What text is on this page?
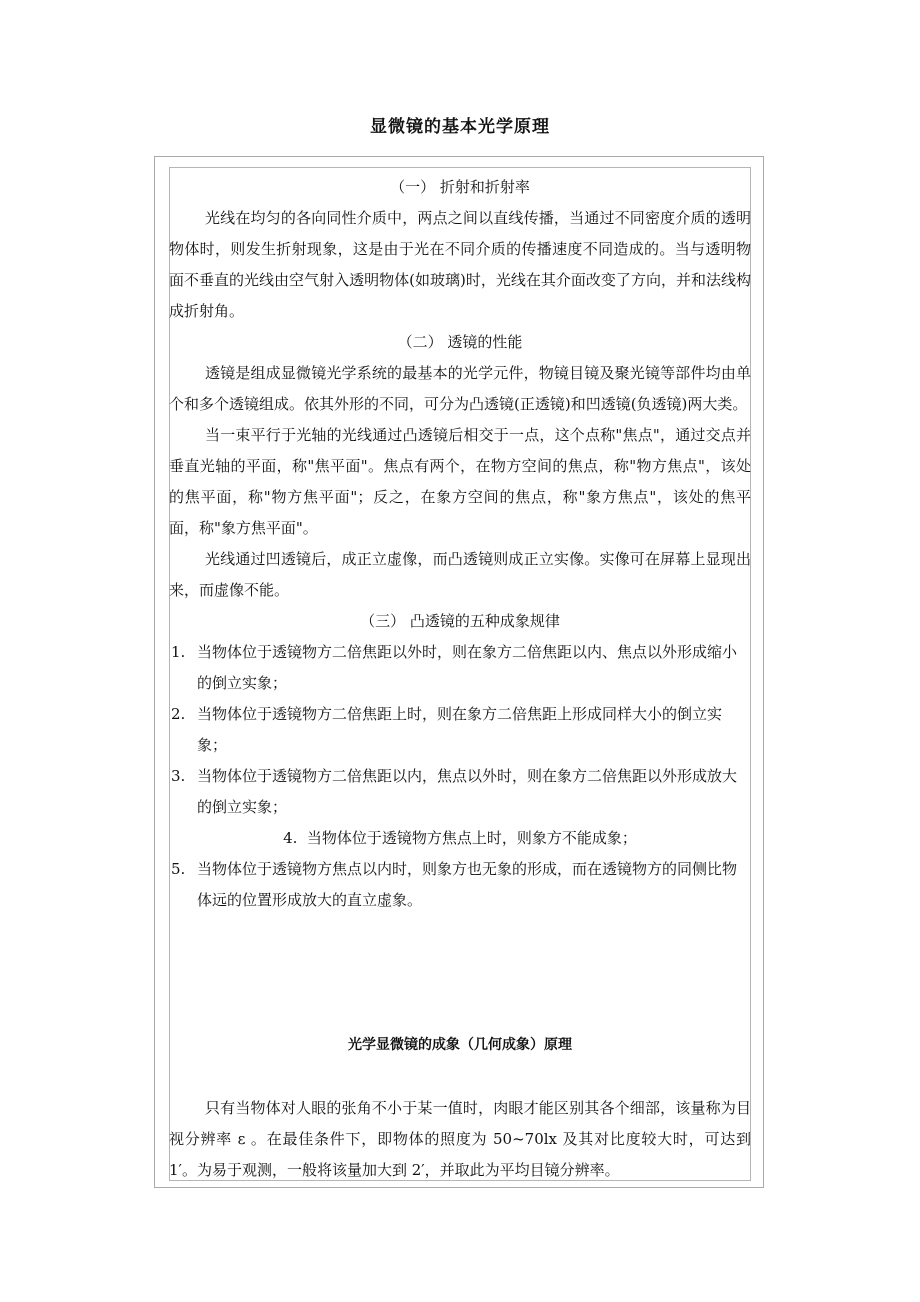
显微镜的基本光学原理

（一） 折射和折射率

光线在均匀的各向同性介质中，两点之间以直线传播，当通过不同密度介质的透明物体时，则发生折射现象，这是由于光在不同介质的传播速度不同造成的。当与透明物面不垂直的光线由空气射入透明物体(如玻璃)时，光线在其介面改变了方向，并和法线构成折射角。

（二） 透镜的性能

透镜是组成显微镜光学系统的最基本的光学元件，物镜目镜及聚光镜等部件均由单个和多个透镜组成。依其外形的不同，可分为凸透镜(正透镜)和凹透镜(负透镜)两大类。

当一束平行于光轴的光线通过凸透镜后相交于一点，这个点称"焦点"，通过交点并垂直光轴的平面，称"焦平面"。焦点有两个，在物方空间的焦点，称"物方焦点"，该处的焦平面，称"物方焦平面"；反之，在象方空间的焦点，称"象方焦点"，该处的焦平面，称"象方焦平面"。

光线通过凹透镜后，成正立虚像，而凸透镜则成正立实像。实像可在屏幕上显现出来，而虚像不能。

（三） 凸透镜的五种成象规律

1. 当物体位于透镜物方二倍焦距以外时，则在象方二倍焦距以内、焦点以外形成缩小的倒立实象；

2. 当物体位于透镜物方二倍焦距上时，则在象方二倍焦距上形成同样大小的倒立实象；

3. 当物体位于透镜物方二倍焦距以内，焦点以外时，则在象方二倍焦距以外形成放大的倒立实象；

4. 当物体位于透镜物方焦点上时，则象方不能成象；

5. 当物体位于透镜物方焦点以内时，则象方也无象的形成，而在透镜物方的同侧比物体远的位置形成放大的直立虚象。

光学显微镜的成象（几何成象）原理

只有当物体对人眼的张角不小于某一值时，肉眼才能区别其各个细部，该量称为目视分辨率 ε 。在最佳条件下，即物体的照度为 50~70lx 及其对比度较大时，可达到1′。为易于观测，一般将该量加大到 2′，并取此为平均目镜分辨率。
